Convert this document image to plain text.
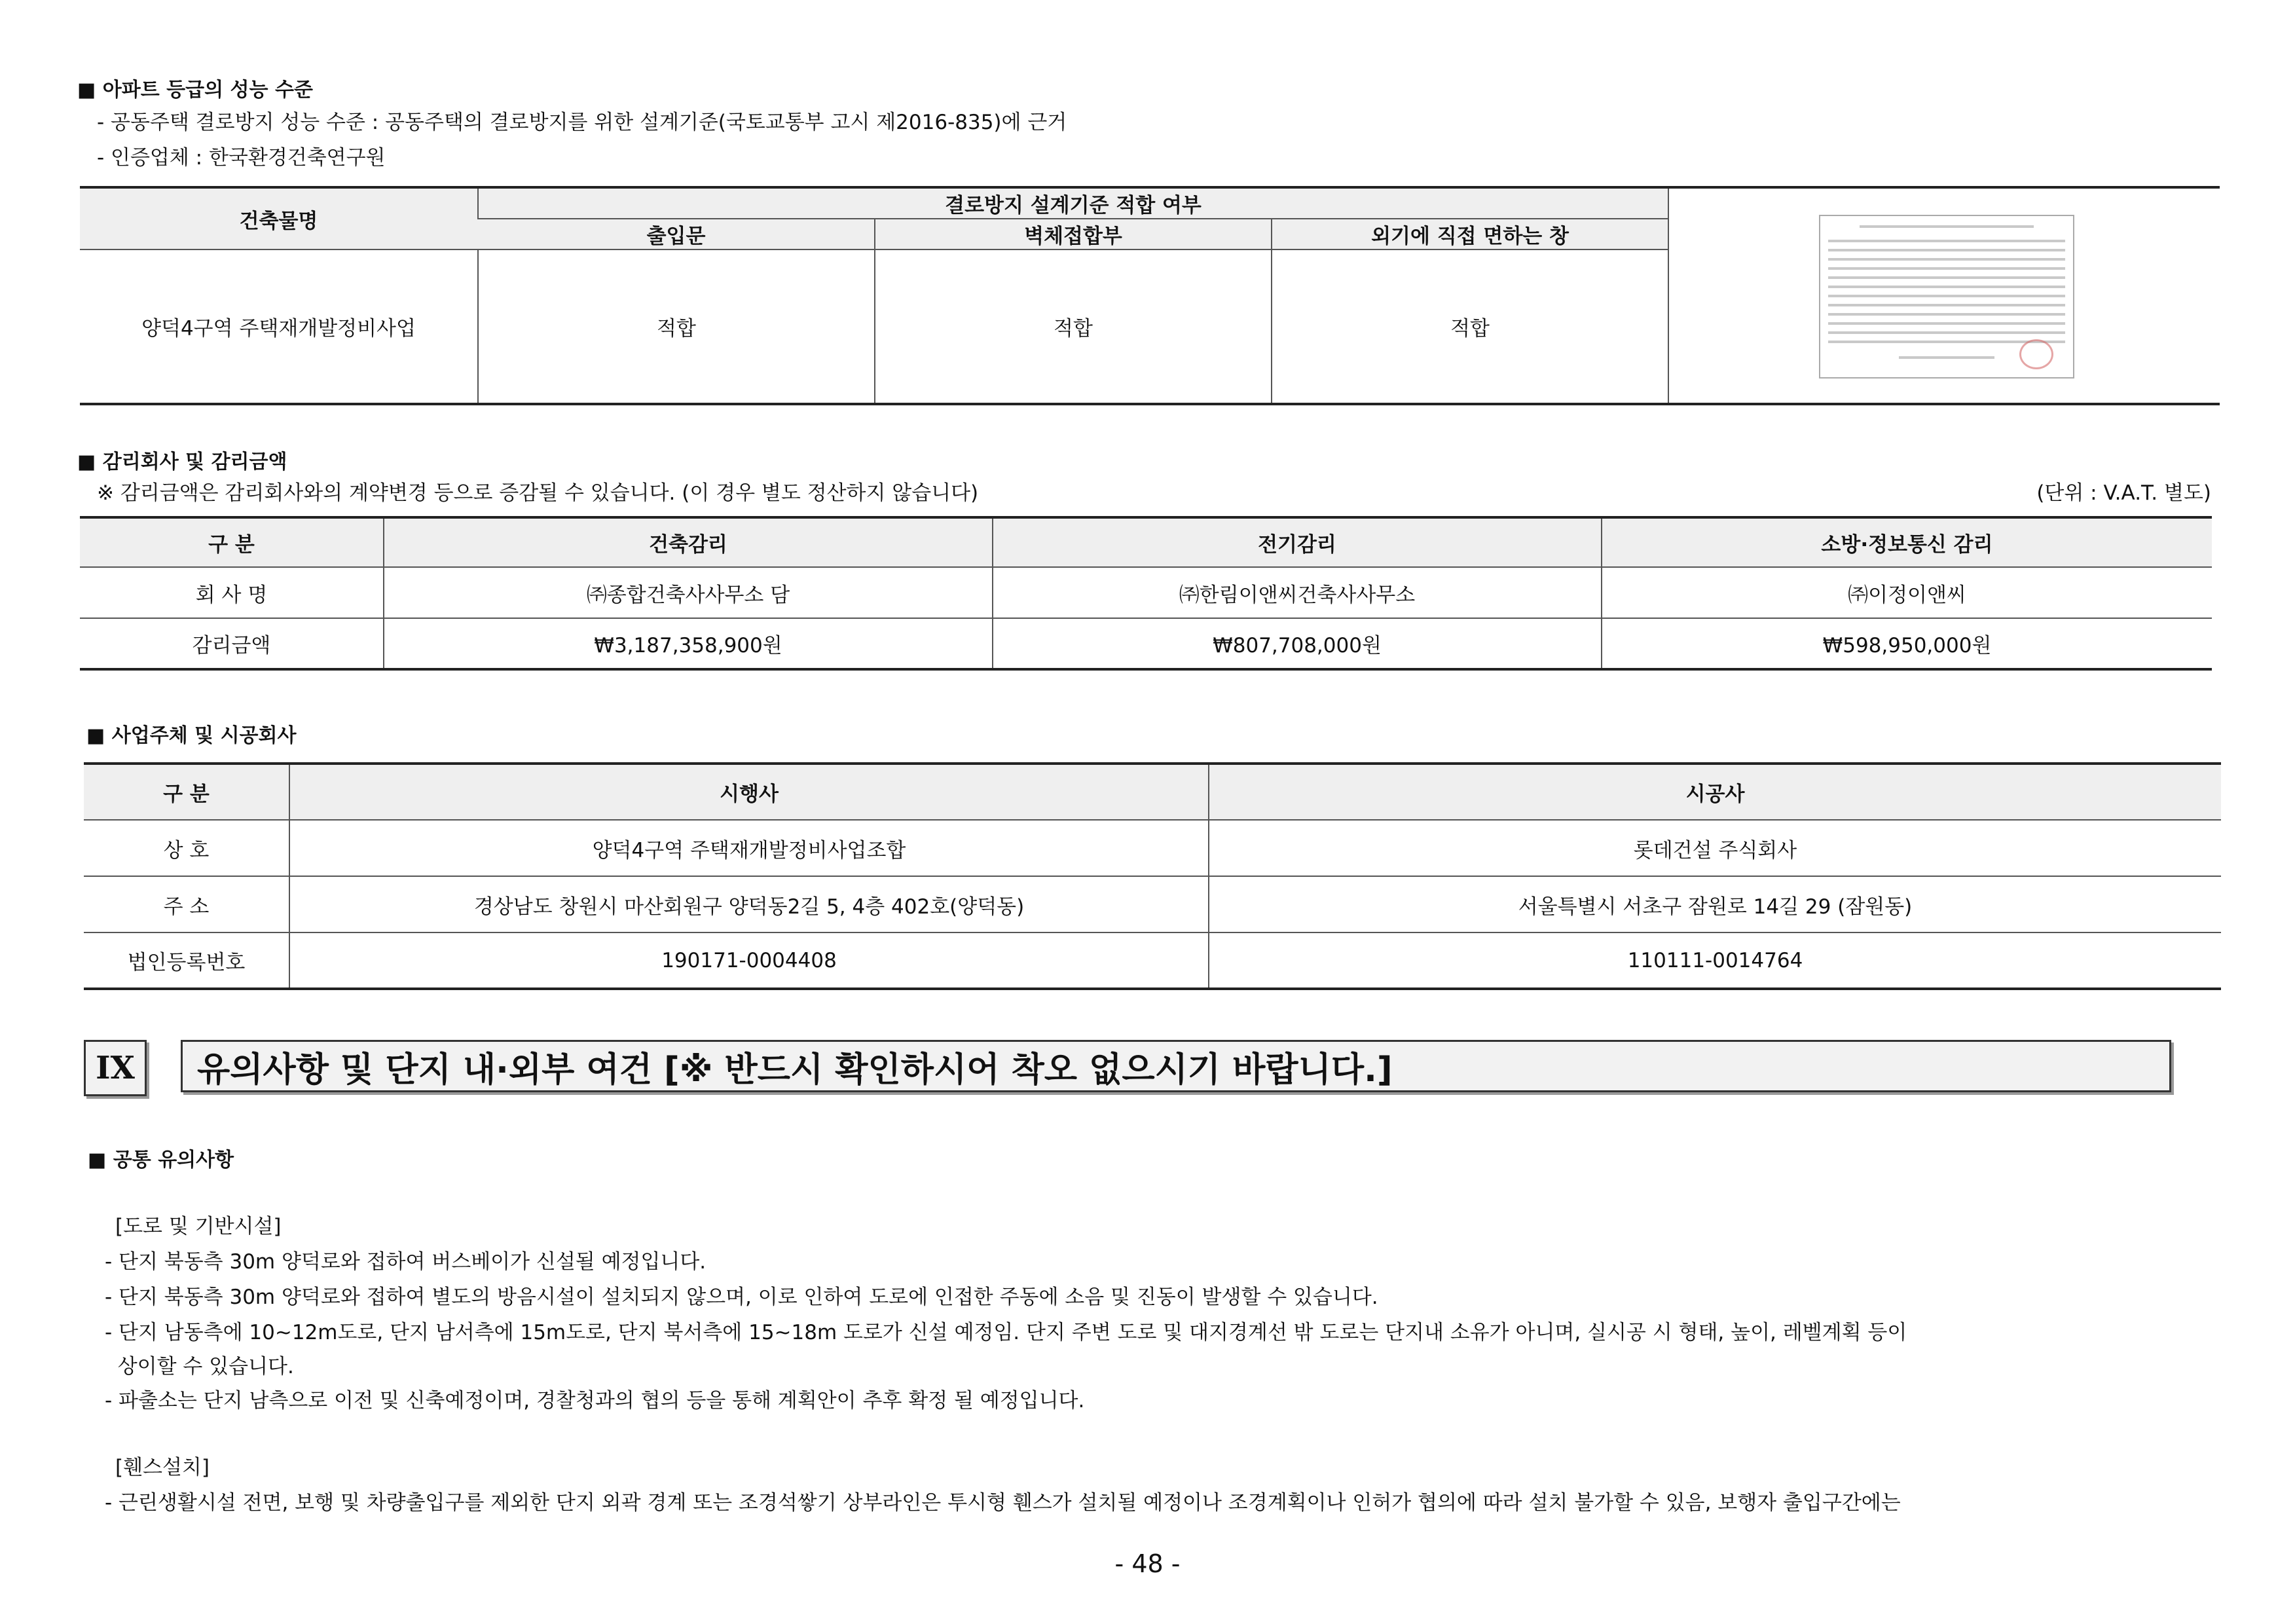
■ 아파트 등급의 성능 수준
- 공동주택 결로방지 성능 수준 : 공동주택의 결로방지를 위한 설계기준(국토교통부 고시 제2016-835)에 근거
- 인증업체 : 한국환경건축연구원
건축물명	결로방지 설계기준 적합 여부			
	출입문	벽체접합부	외기에 직접 면하는 창	
양덕4구역 주택재개발정비사업	적합	적합	적합	
■ 감리회사 및 감리금액
※ 감리금액은 감리회사와의 계약변경 등으로 증감될 수 있습니다. (이 경우 별도 정산하지 않습니다)	(단위 : V.A.T. 별도)
구 분	건축감리	전기감리	소방·정보통신 감리
회 사 명	㈜종합건축사사무소 담	㈜한림이앤씨건축사사무소	㈜이정이앤씨
감리금액	₩3,187,358,900원	₩807,708,000원	₩598,950,000원
■ 사업주체 및 시공회사
구 분	시행사	시공사
상 호	양덕4구역 주택재개발정비사업조합	롯데건설 주식회사
주 소	경상남도 창원시 마산회원구 양덕동2길 5, 4층 402호(양덕동)	서울특별시 서초구 잠원로 14길 29 (잠원동)
법인등록번호	190171-0004408	110111-0014764
IX	유의사항 및 단지 내·외부 여건 [※ 반드시 확인하시어 착오 없으시기 바랍니다.]
■ 공통 유의사항
[도로 및 기반시설]
- 단지 북동측 30m 양덕로와 접하여 버스베이가 신설될 예정입니다.
- 단지 북동측 30m 양덕로와 접하여 별도의 방음시설이 설치되지 않으며, 이로 인하여 도로에 인접한 주동에 소음 및 진동이 발생할 수 있습니다.
- 단지 남동측에 10~12m도로, 단지 남서측에 15m도로, 단지 북서측에 15~18m 도로가 신설 예정임. 단지 주변 도로 및 대지경계선 밖 도로는 단지내 소유가 아니며, 실시공 시 형태, 높이, 레벨계획 등이
상이할 수 있습니다.
- 파출소는 단지 남측으로 이전 및 신축예정이며, 경찰청과의 협의 등을 통해 계획안이 추후 확정 될 예정입니다.
[휀스설치]
- 근린생활시설 전면, 보행 및 차량출입구를 제외한 단지 외곽 경계 또는 조경석쌓기 상부라인은 투시형 휀스가 설치될 예정이나 조경계획이나 인허가 협의에 따라 설치 불가할 수 있음, 보행자 출입구간에는
- 48 -
